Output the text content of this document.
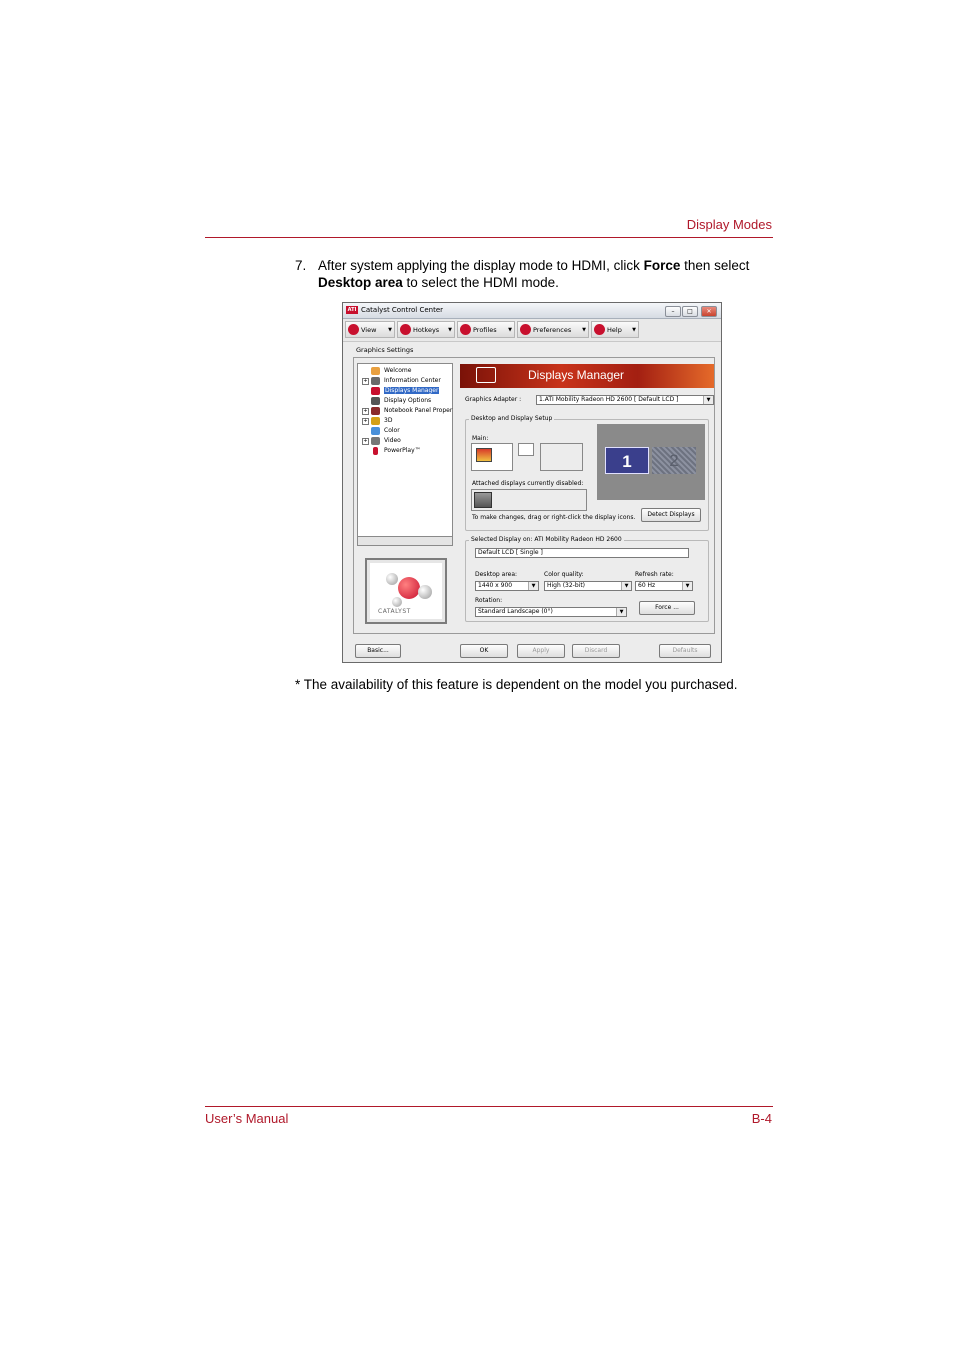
Display Modes
7. After system applying the display mode to HDMI, click Force then select Desktop area to select the HDMI mode.
ATI Catalyst Control Center	–	□	✕
View ▼	Hotkeys ▼	Profiles ▼	Preferences ▼	Help ▼
Graphics Settings
Welcome
+	Information Center
Displays Manager
Display Options
+	Notebook Panel Proper
+	3D
Color
+	Video
PowerPlay™
CATALYST
Displays Manager
Graphics Adapter :	1.ATI Mobility Radeon HD 2600 [ Default LCD ]	▼
Desktop and Display Setup
Main:
Attached displays currently disabled:
To make changes, drag or right-click the display icons.	Detect Displays
1	2
Selected Display on: ATI Mobility Radeon HD 2600
Default LCD [ Single ]
Desktop area:
1440 x 900	▼
Color quality:
High (32-bit)	▼
Refresh rate:
60 Hz	▼
Rotation:
Standard Landscape (0°)	▼
Force ...
Basic...	OK	Apply	Discard	Defaults
* The availability of this feature is dependent on the model you purchased.
User’s Manual	B-4
